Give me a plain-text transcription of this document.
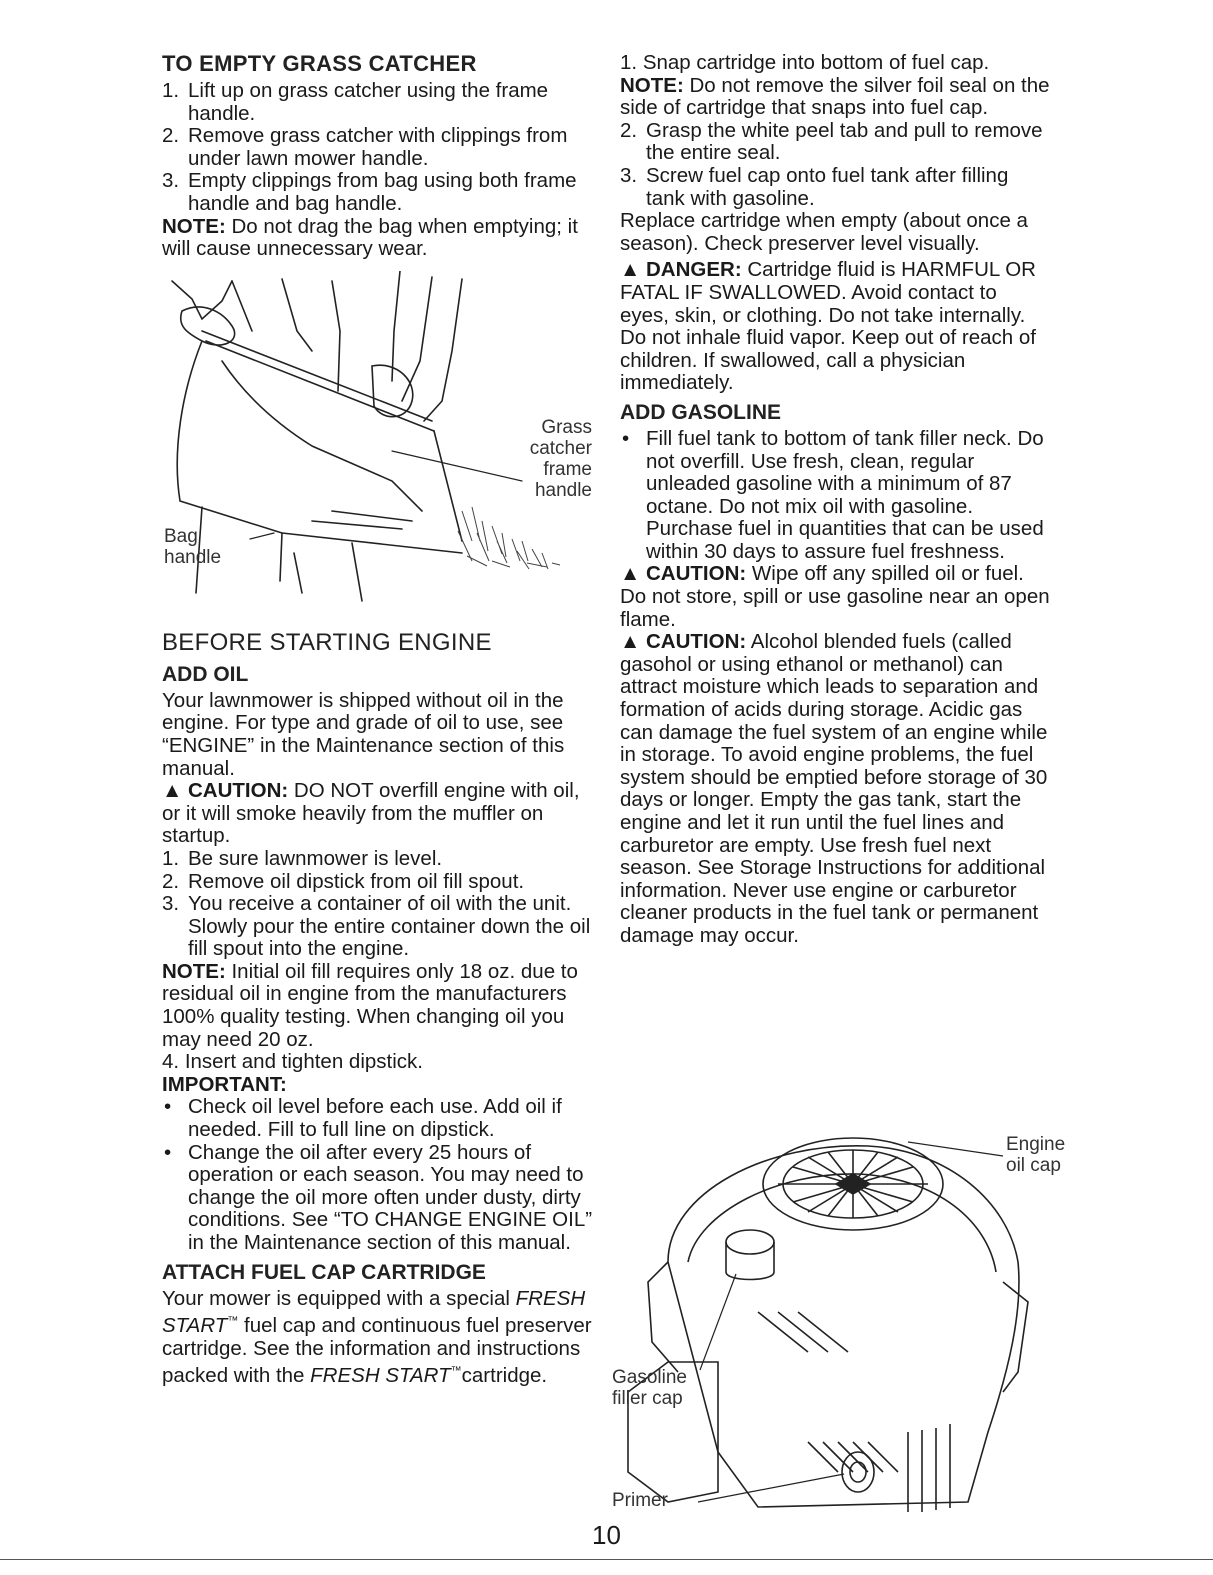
TO EMPTY GRASS CATCHER
1. Lift up on grass catcher using the frame handle.
2. Remove grass catcher with clippings from under lawn mower handle.
3. Empty clippings from bag using both frame handle and bag handle.

NOTE: Do not drag the bag when emptying; it will cause unnecessary wear.

Grass
catcher
frame
handle
Bag
handle
BEFORE STARTING ENGINE
ADD OIL

Your lawnmower is shipped without oil in the engine. For type and grade of oil to use, see “ENGINE” in the Maintenance section of this manual.

▲ CAUTION: DO NOT overfill engine with oil, or it will smoke heavily from the muffler on startup.

1. Be sure lawnmower is level.
2. Remove oil dipstick from oil fill spout.
3. You receive a container of oil with the unit. Slowly pour the entire container down the oil fill spout into the engine.

NOTE: Initial oil fill requires only 18 oz. due to residual oil in engine from the manufacturers 100% quality testing. When changing oil you may need 20 oz.

4. Insert and tighten dipstick.

IMPORTANT:

• Check oil level before each use. Add oil if needed. Fill to full line on dipstick.
• Change the oil after every 25 hours of operation or each season. You may need to change the oil more often under dusty, dirty conditions. See “TO CHANGE ENGINE OIL” in the Maintenance section of this manual.
ATTACH FUEL CAP CARTRIDGE

Your mower is equipped with a special FRESH START™ fuel cap and continuous fuel preserver cartridge. See the information and instructions packed with the FRESH START™cartridge.

1. Snap cartridge into bottom of fuel cap.

NOTE: Do not remove the silver foil seal on the side of cartridge that snaps into fuel cap.

2. Grasp the white peel tab and pull to remove the entire seal.
3. Screw fuel cap onto fuel tank after filling tank with gasoline.

Replace cartridge when empty (about once a season). Check preserver level visually.

▲ DANGER: Cartridge fluid is HARMFUL OR FATAL IF SWALLOWED. Avoid contact to eyes, skin, or clothing. Do not take internally. Do not inhale fluid vapor. Keep out of reach of children. If swallowed, call a physician immediately.

ADD GASOLINE
• Fill fuel tank to bottom of tank filler neck. Do not overfill. Use fresh, clean, regular unleaded gasoline with a minimum of 87 octane. Do not mix oil with gasoline. Purchase fuel in quantities that can be used within 30 days to assure fuel freshness.

▲ CAUTION: Wipe off any spilled oil or fuel. Do not store, spill or use gasoline near an open flame.

▲ CAUTION: Alcohol blended fuels (called gasohol or using ethanol or methanol) can attract moisture which leads to separation and formation of acids during storage. Acidic gas can damage the fuel system of an engine while in storage. To avoid engine problems, the fuel system should be emptied before storage of 30 days or longer. Empty the gas tank, start the engine and let it run until the fuel lines and carburetor are empty. Use fresh fuel next season. See Storage Instructions for additional information. Never use engine or carburetor cleaner products in the fuel tank or permanent damage may occur.

Engine
oil cap
Gasoline
filler cap
Primer
10
